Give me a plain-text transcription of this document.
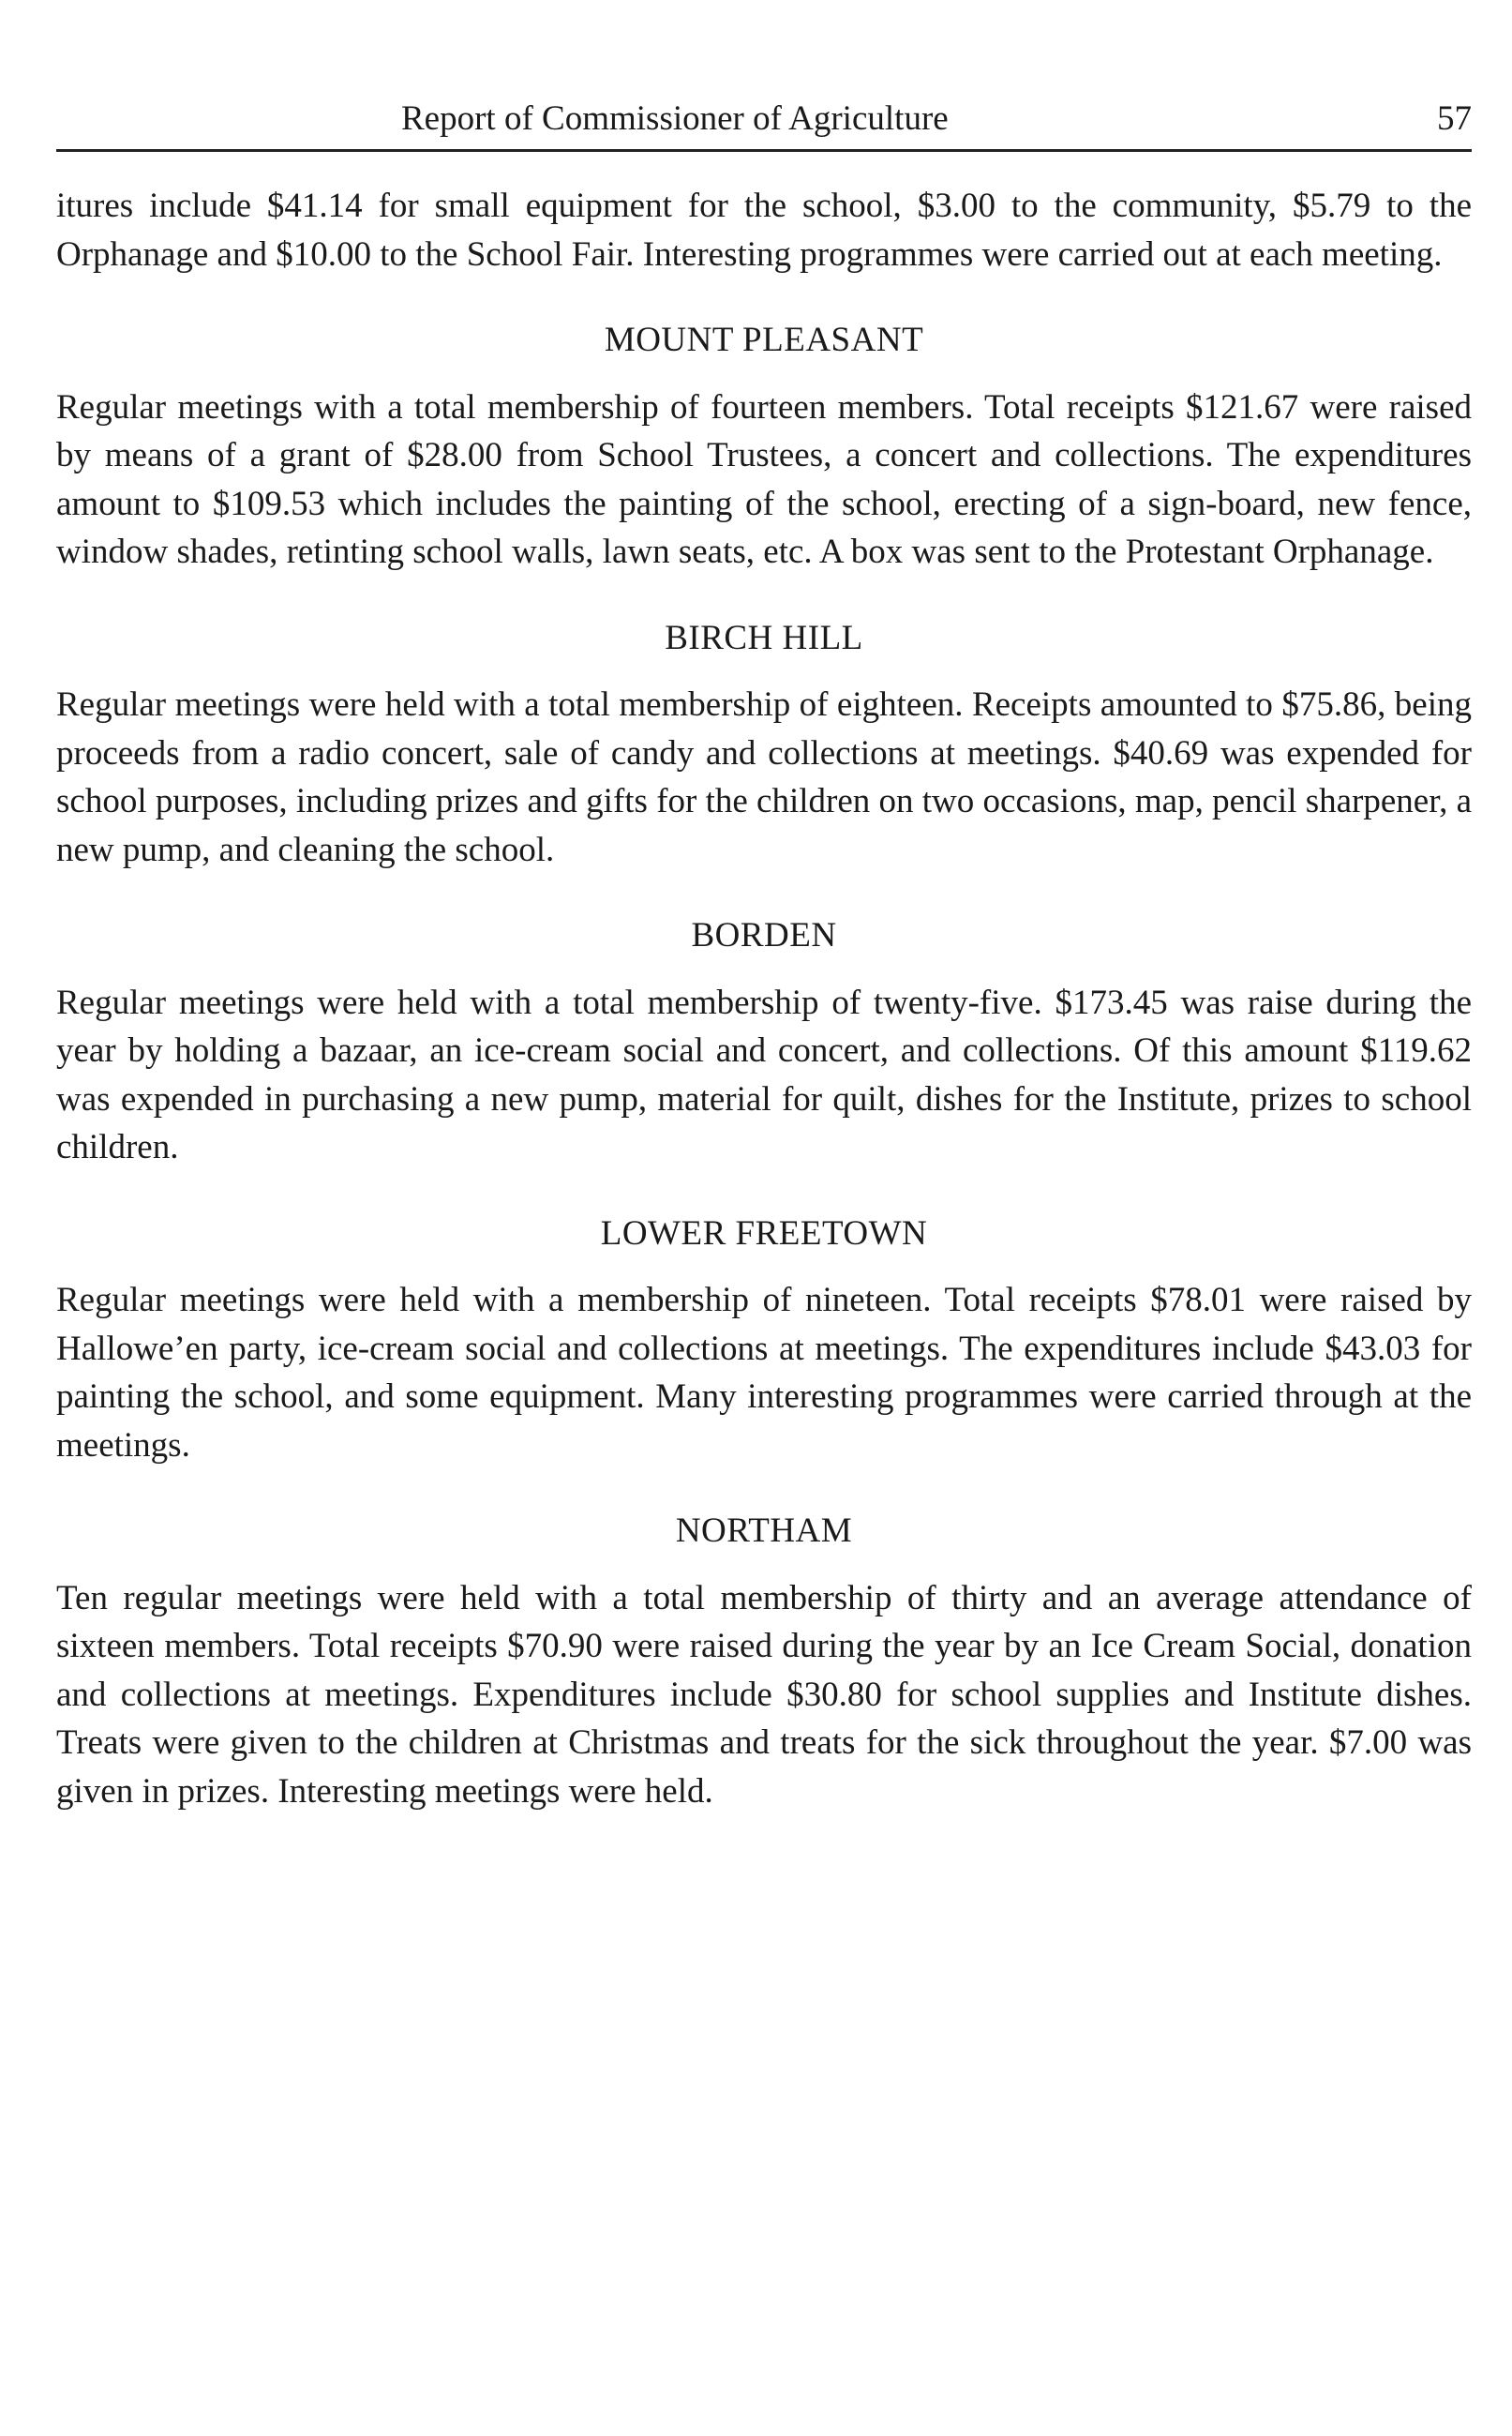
Report of Commissioner of Agriculture	57

itures include $41.14 for small equipment for the school, $3.00 to the community, $5.79 to the Orphanage and $10.00 to the School Fair. Interesting programmes were carried out at each meeting.

MOUNT PLEASANT

Regular meetings with a total membership of fourteen members. Total receipts $121.67 were raised by means of a grant of $28.00 from School Trustees, a concert and collections. The expenditures amount to $109.53 which includes the painting of the school, erecting of a sign-board, new fence, window shades, retinting school walls, lawn seats, etc. A box was sent to the Protestant Orphanage.

BIRCH HILL

Regular meetings were held with a total membership of eighteen. Receipts amounted to $75.86, being proceeds from a radio concert, sale of candy and collections at meetings. $40.69 was expended for school purposes, including prizes and gifts for the children on two occasions, map, pencil sharpener, a new pump, and cleaning the school.

BORDEN

Regular meetings were held with a total membership of twenty-five. $173.45 was raise during the year by holding a bazaar, an ice-cream social and concert, and collections. Of this amount $119.62 was expended in purchasing a new pump, material for quilt, dishes for the Institute, prizes to school children.

LOWER FREETOWN

Regular meetings were held with a membership of nineteen. Total receipts $78.01 were raised by Hallowe’en party, ice-cream social and collections at meetings. The expenditures include $43.03 for painting the school, and some equipment. Many interesting programmes were carried through at the meetings.

NORTHAM

Ten regular meetings were held with a total membership of thirty and an average attendance of sixteen members. Total receipts $70.90 were raised during the year by an Ice Cream Social, donation and collections at meetings. Expenditures include $30.80 for school supplies and Institute dishes. Treats were given to the children at Christmas and treats for the sick throughout the year. $7.00 was given in prizes. Interesting meetings were held.
